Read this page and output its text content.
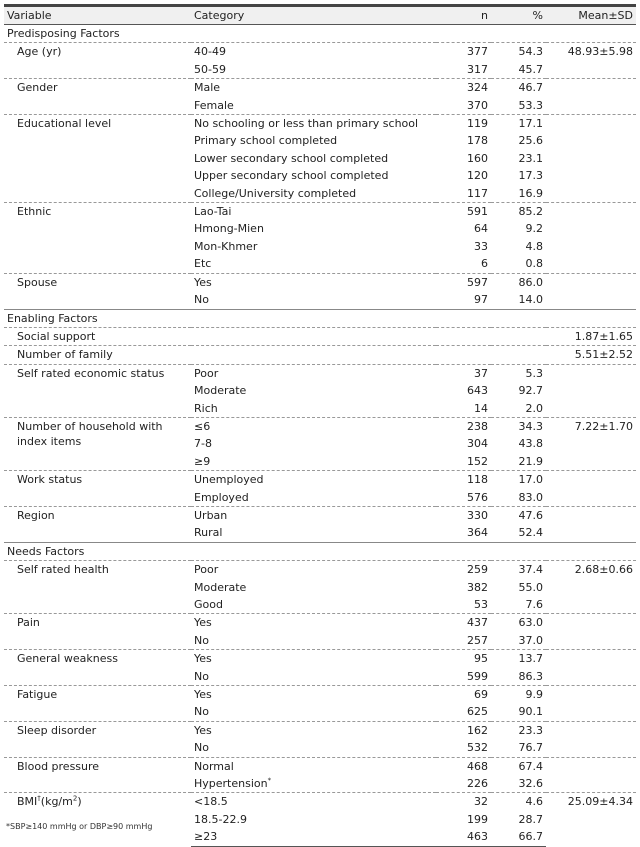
Variable	Category	n	%	Mean±SD
Predisposing Factors				
Age (yr)	40-49	377	54.3	48.93±5.98
	50-59	317	45.7	
Gender	Male	324	46.7	
	Female	370	53.3	
Educational level	No schooling or less than primary school	119	17.1	
	Primary school completed	178	25.6	
	Lower secondary school completed	160	23.1	
	Upper secondary school completed	120	17.3	
	College/University completed	117	16.9	
Ethnic	Lao-Tai	591	85.2	
	Hmong-Mien	64	9.2	
	Mon-Khmer	33	4.8	
	Etc	6	0.8	
Spouse	Yes	597	86.0	
	No	97	14.0	
Enabling Factors				
Social support				1.87±1.65
Number of family				5.51±2.52
Self rated economic status	Poor	37	5.3	
	Moderate	643	92.7	
	Rich	14	2.0	
Number of household with index items	≤6	238	34.3	7.22±1.70
	7-8	304	43.8	
	≥9	152	21.9	
Work status	Unemployed	118	17.0	
	Employed	576	83.0	
Region	Urban	330	47.6	
	Rural	364	52.4	
Needs Factors				
Self rated health	Poor	259	37.4	2.68±0.66
	Moderate	382	55.0	
	Good	53	7.6	
Pain	Yes	437	63.0	
	No	257	37.0	
General weakness	Yes	95	13.7	
	No	599	86.3	
Fatigue	Yes	69	9.9	
	No	625	90.1	
Sleep disorder	Yes	162	23.3	
	No	532	76.7	
Blood pressure	Normal	468	67.4	
	Hypertension*	226	32.6	
$BMI^\dagger(kg/m^2)$	<18.5	32	4.6	25.09±4.34
	18.5-22.9	199	28.7	
	≥23	463	66.7	
*SBP≥140 mmHg or DBP≥90 mmHg
